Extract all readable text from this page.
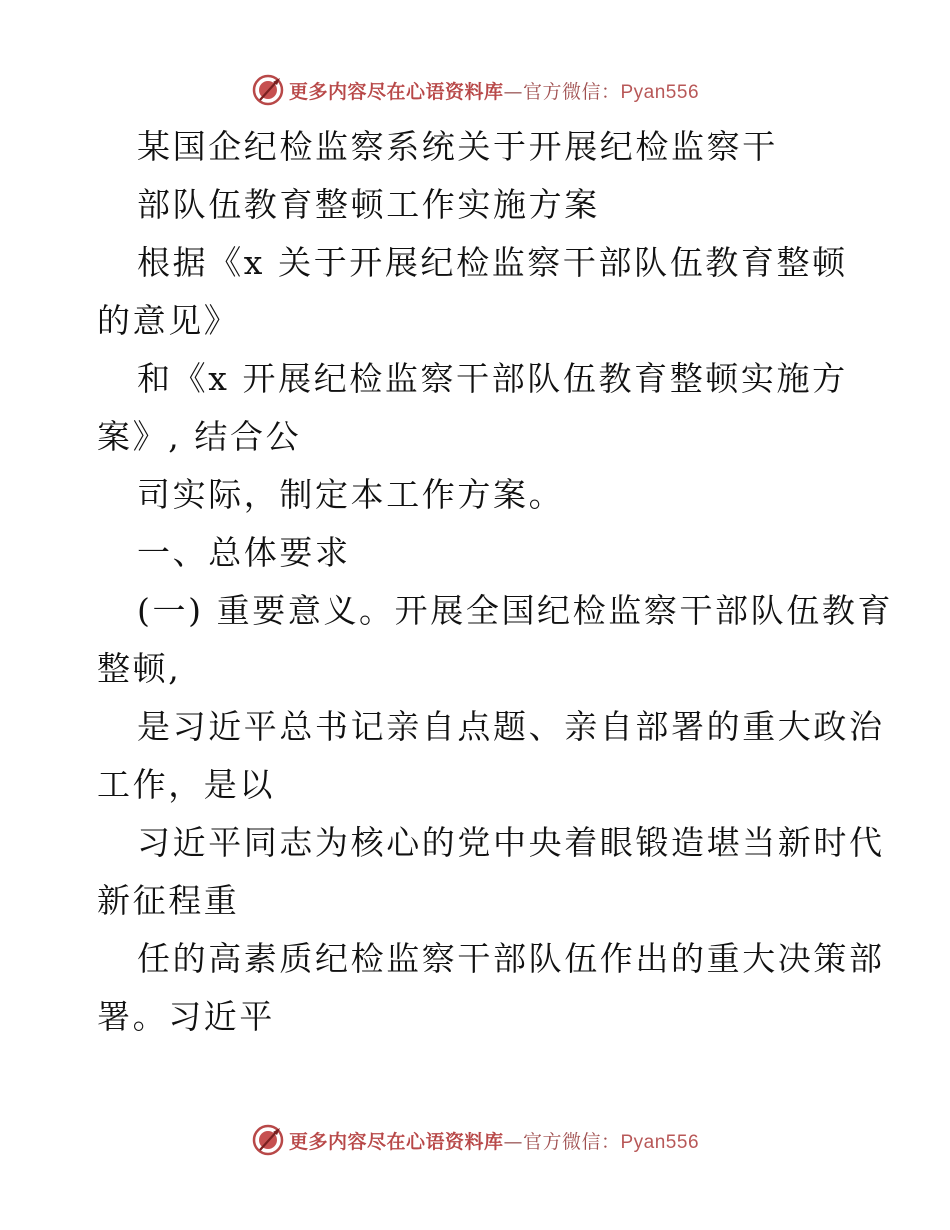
更多内容尽在心语资料库—官方微信：Pyan556
某国企纪检监察系统关于开展纪检监察干
部队伍教育整顿工作实施方案
根据《x 关于开展纪检监察干部队伍教育整顿
的意见》
和《x 开展纪检监察干部队伍教育整顿实施方
案》, 结合公
司实际，制定本工作方案。
一、总体要求
(一) 重要意义。开展全国纪检监察干部队伍教育
整顿,
是习近平总书记亲自点题、亲自部署的重大政治
工作，是以
习近平同志为核心的党中央着眼锻造堪当新时代
新征程重
任的高素质纪检监察干部队伍作出的重大决策部
署。习近平
更多内容尽在心语资料库—官方微信：Pyan556
